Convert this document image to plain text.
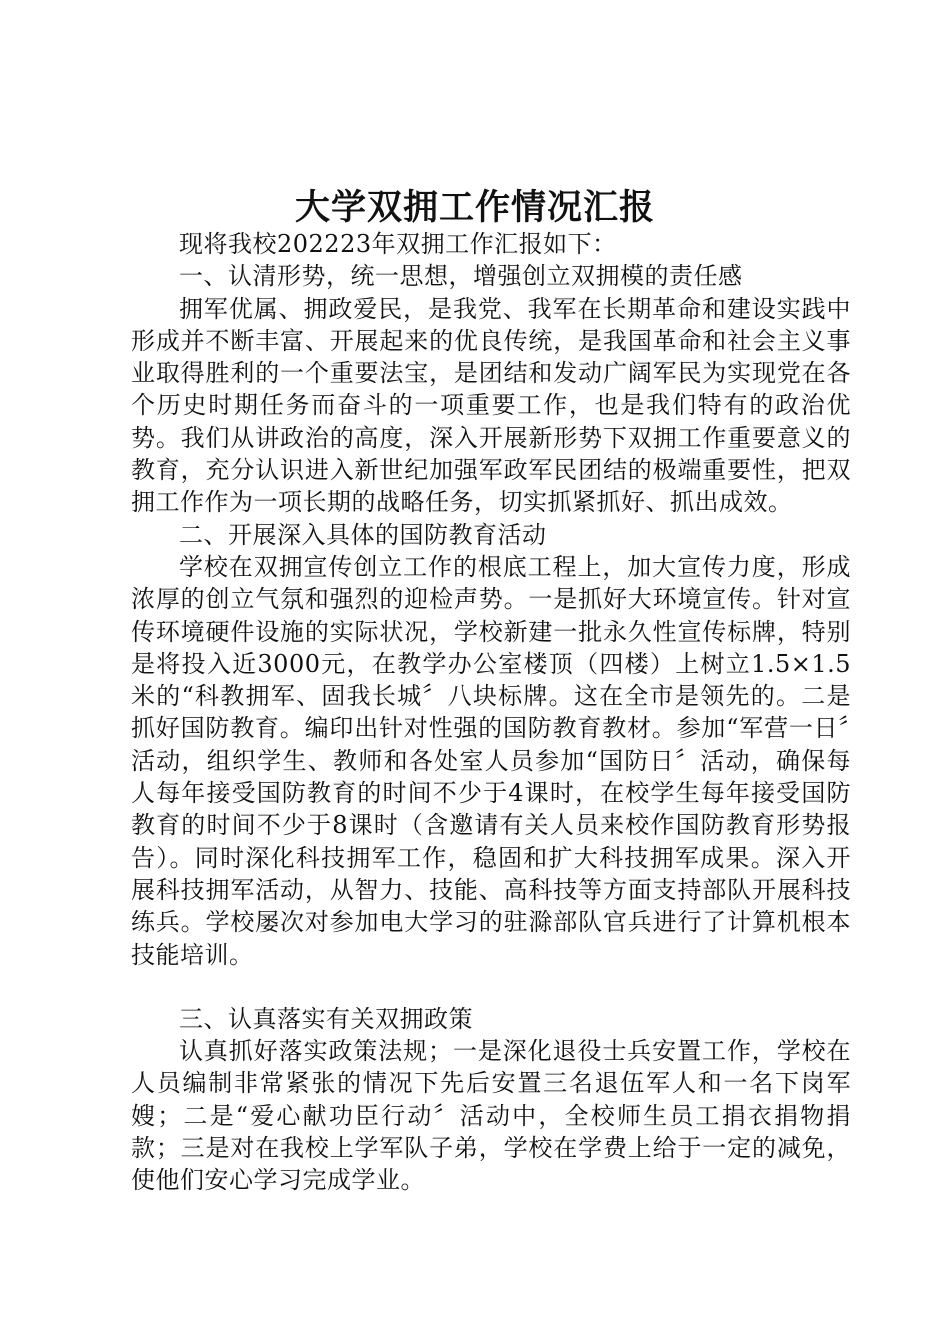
大学双拥工作情况汇报

现将我校202223年双拥工作汇报如下：

一、认清形势，统一思想，增强创立双拥模的责任感

拥军优属、拥政爱民，是我党、我军在长期革命和建设实践中形成并不断丰富、开展起来的优良传统，是我国革命和社会主义事业取得胜利的一个重要法宝，是团结和发动广阔军民为实现党在各个历史时期任务而奋斗的一项重要工作，也是我们特有的政治优势。我们从讲政治的高度，深入开展新形势下双拥工作重要意义的教育，充分认识进入新世纪加强军政军民团结的极端重要性，把双拥工作作为一项长期的战略任务，切实抓紧抓好、抓出成效。

二、开展深入具体的国防教育活动

学校在双拥宣传创立工作的根底工程上，加大宣传力度，形成浓厚的创立气氛和强烈的迎检声势。一是抓好大环境宣传。针对宣传环境硬件设施的实际状况，学校新建一批永久性宣传标牌，特别是将投入近3000元，在教学办公室楼顶（四楼）上树立1.5×1.5米的“科教拥军、固我长城〞八块标牌。这在全市是领先的。二是抓好国防教育。编印出针对性强的国防教育教材。参加“军营一日〞活动，组织学生、教师和各处室人员参加“国防日〞活动，确保每人每年接受国防教育的时间不少于4课时，在校学生每年接受国防教育的时间不少于8课时（含邀请有关人员来校作国防教育形势报告）。同时深化科技拥军工作，稳固和扩大科技拥军成果。深入开展科技拥军活动，从智力、技能、高科技等方面支持部队开展科技练兵。学校屡次对参加电大学习的驻滁部队官兵进行了计算机根本技能培训。

三、认真落实有关双拥政策

认真抓好落实政策法规；一是深化退役士兵安置工作，学校在人员编制非常紧张的情况下先后安置三名退伍军人和一名下岗军嫂；二是“爱心献功臣行动〞活动中，全校师生员工捐衣捐物捐款；三是对在我校上学军队子弟，学校在学费上给于一定的减免，使他们安心学习完成学业。
